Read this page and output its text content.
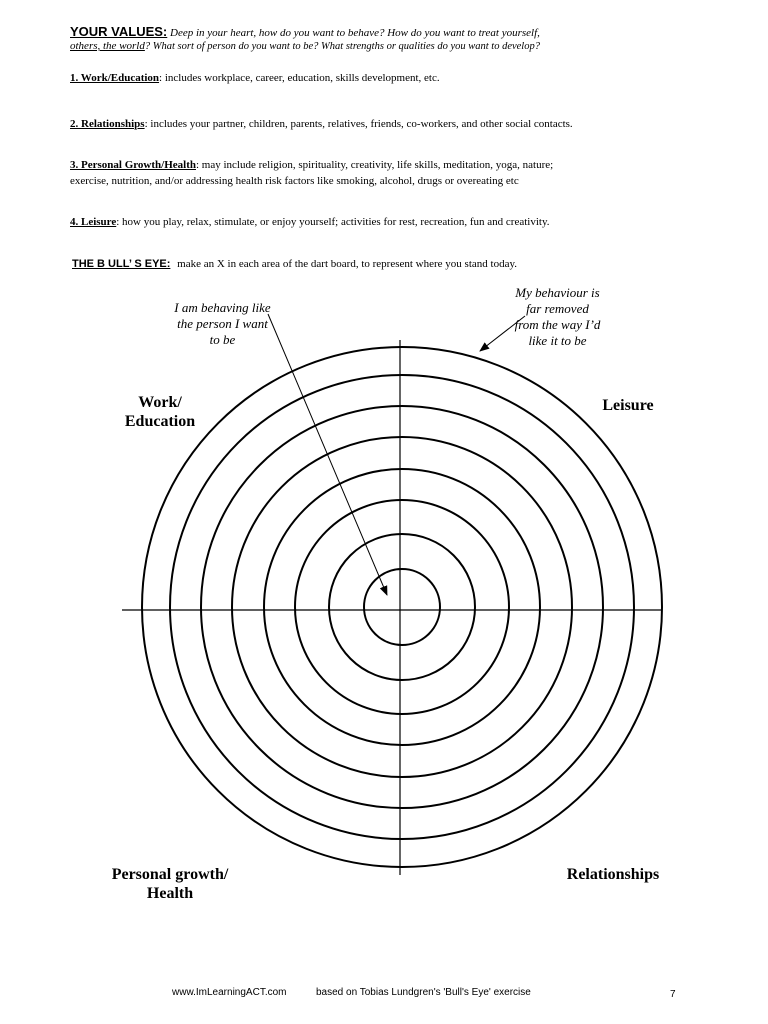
YOUR VALUES: Deep in your heart, how do you want to behave? How do you want to treat yourself,
others, the world? What sort of person do you want to be? What strengths or qualities do you want to develop?
1. Work/Education: includes workplace, career, education, skills development, etc.
2. Relationships: includes your partner, children, parents, relatives, friends, co-workers, and other social contacts.
3. Personal Growth/Health: may include religion, spirituality, creativity, life skills, meditation, yoga, nature;
exercise, nutrition, and/or addressing health risk factors like smoking, alcohol, drugs or overeating etc
4. Leisure: how you play, relax, stimulate, or enjoy yourself; activities for rest, recreation, fun and creativity.
THE B ULL’ S EYE: make an X in each area of the dart board, to represent where you stand today.
I am behaving like
the person I want
to be
My behaviour is
far removed
from the way I’d
like it to be
Work/
Education
Leisure
Personal growth/
Health
Relationships
www.ImLearningACT.com	based on Tobias Lundgren's 'Bull's Eye' exercise	7
